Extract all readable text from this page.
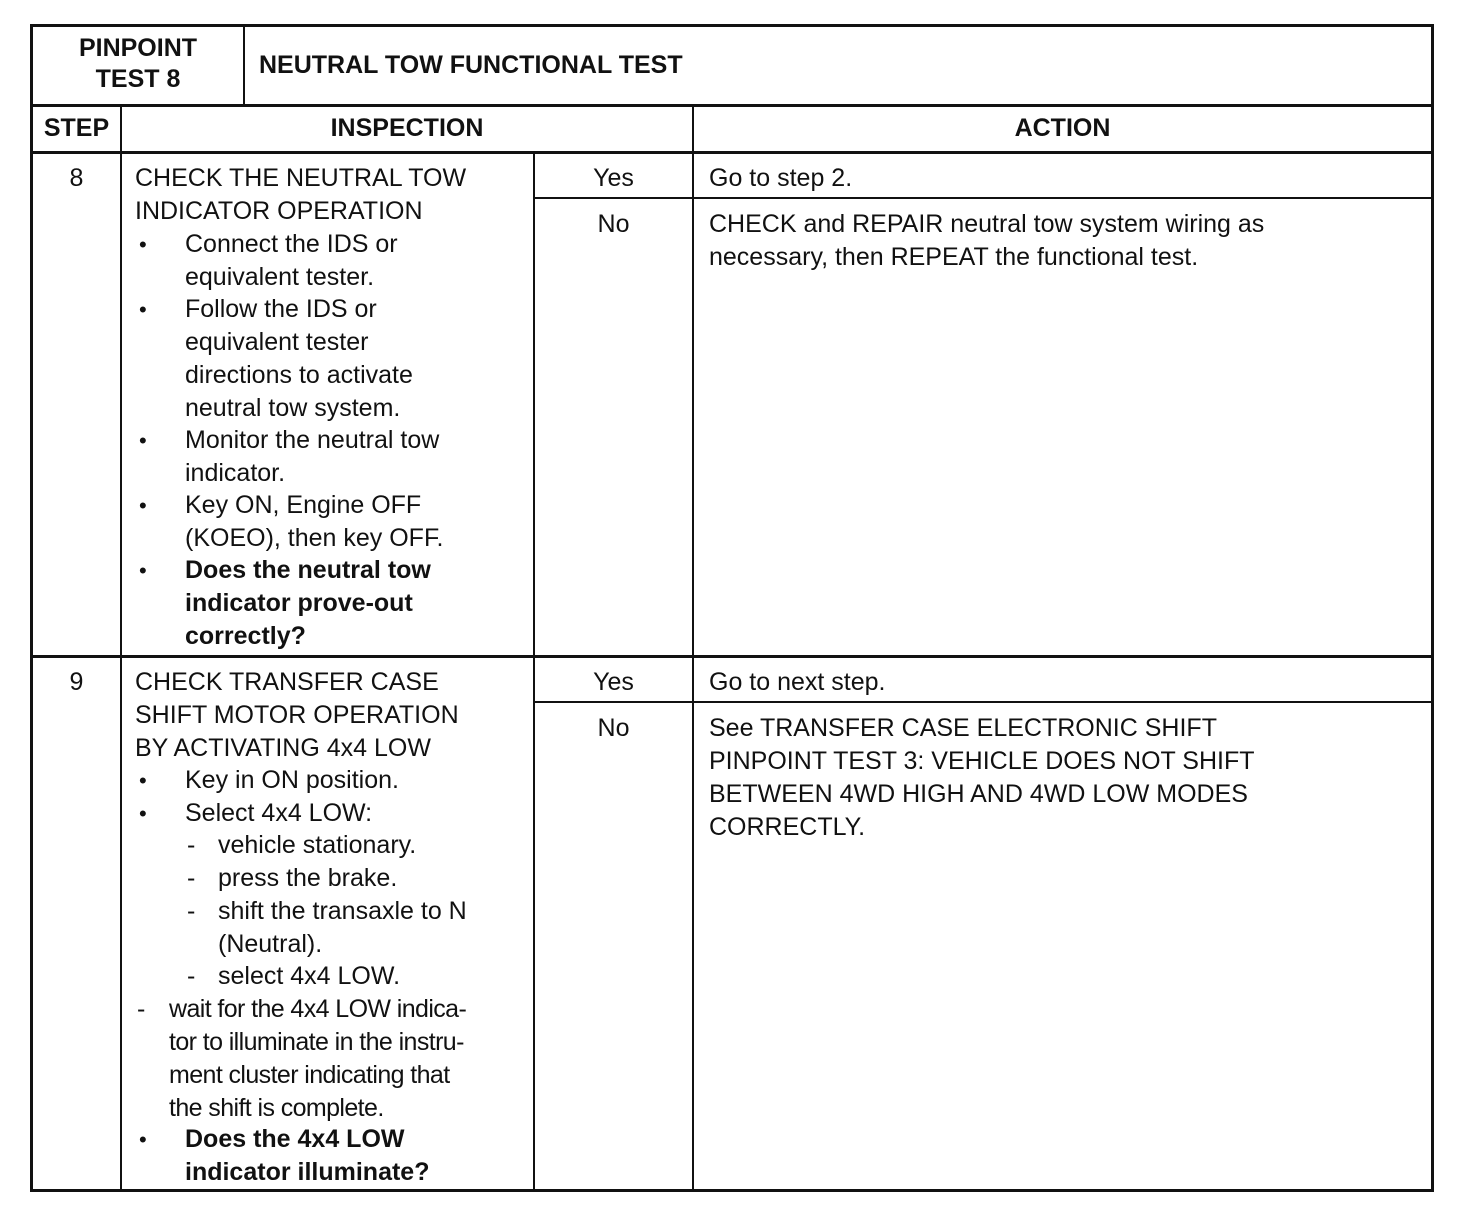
PINPOINT
TEST 8	NEUTRAL TOW FUNCTIONAL TEST
STEP	INSPECTION	ACTION
8	CHECK THE NEUTRAL TOW
INDICATOR OPERATION
• Connect the IDS or
equivalent tester.
• Follow the IDS or
equivalent tester
directions to activate
neutral tow system.
• Monitor the neutral tow
indicator.
• Key ON, Engine OFF
(KOEO), then key OFF.
• Does the neutral tow
indicator prove-out
correctly?
Yes	Go to step 2.
No	CHECK and REPAIR neutral tow system wiring as
necessary, then REPEAT the functional test.
9	CHECK TRANSFER CASE
SHIFT MOTOR OPERATION
BY ACTIVATING 4x4 LOW
• Key in ON position.
• Select 4x4 LOW:
- vehicle stationary.
- press the brake.
- shift the transaxle to N
(Neutral).
- select 4x4 LOW.
- wait for the 4x4 LOW indica-
tor to illuminate in the instru-
ment cluster indicating that
the shift is complete.
• Does the 4x4 LOW
indicator illuminate?
Yes	Go to next step.
No	See TRANSFER CASE ELECTRONIC SHIFT
PINPOINT TEST 3: VEHICLE DOES NOT SHIFT
BETWEEN 4WD HIGH AND 4WD LOW MODES
CORRECTLY.
